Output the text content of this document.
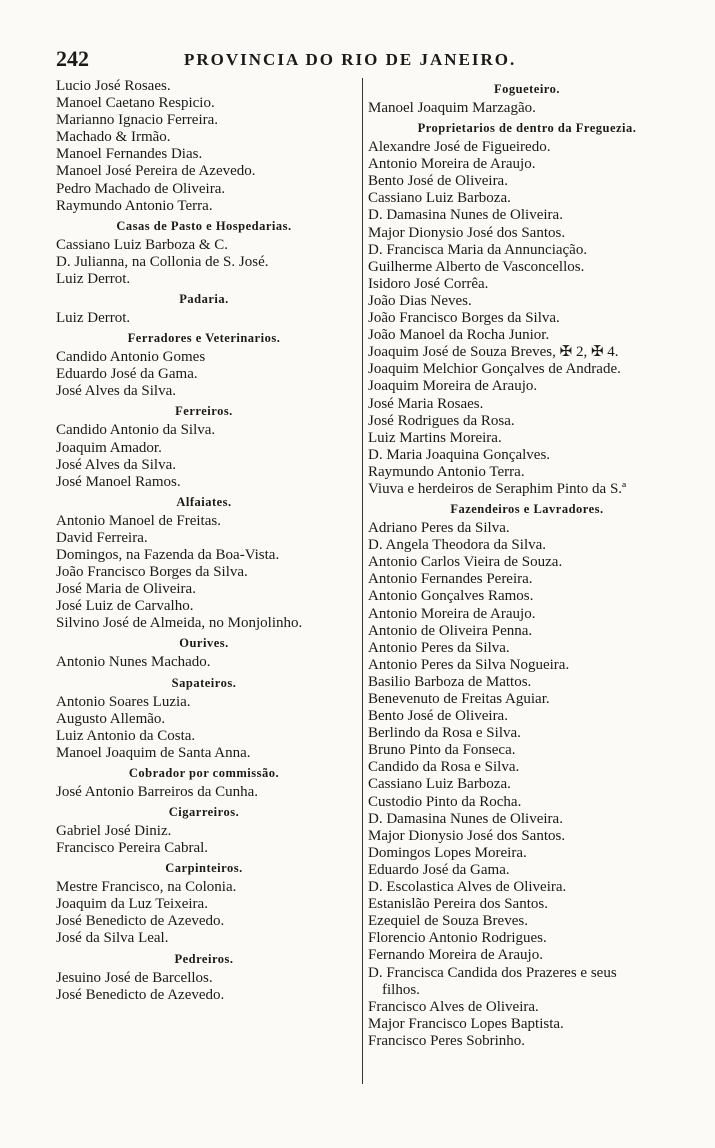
242	PROVINCIA DO RIO DE JANEIRO.
Lucio José Rosaes.
Manoel Caetano Respicio.
Marianno Ignacio Ferreira.
Machado & Irmão.
Manoel Fernandes Dias.
Manoel José Pereira de Azevedo.
Pedro Machado de Oliveira.
Raymundo Antonio Terra.
Casas de Pasto e Hospedarias.
Cassiano Luiz Barboza & C.
D. Julianna, na Collonia de S. José.
Luiz Derrot.
Padaria.
Luiz Derrot.
Ferradores e Veterinarios.
Candido Antonio Gomes
Eduardo José da Gama.
José Alves da Silva.
Ferreiros.
Candido Antonio da Silva.
Joaquim Amador.
José Alves da Silva.
José Manoel Ramos.
Alfaiates.
Antonio Manoel de Freitas.
David Ferreira.
Domingos, na Fazenda da Boa-Vista.
João Francisco Borges da Silva.
José Maria de Oliveira.
José Luiz de Carvalho.
Silvino José de Almeida, no Monjolinho.
Ourives.
Antonio Nunes Machado.
Sapateiros.
Antonio Soares Luzia.
Augusto Allemão.
Luiz Antonio da Costa.
Manoel Joaquim de Santa Anna.
Cobrador por commissão.
José Antonio Barreiros da Cunha.
Cigarreiros.
Gabriel José Diniz.
Francisco Pereira Cabral.
Carpinteiros.
Mestre Francisco, na Colonia.
Joaquim da Luz Teixeira.
José Benedicto de Azevedo.
José da Silva Leal.
Pedreiros.
Jesuino José de Barcellos.
José Benedicto de Azevedo.
Fogueteiro.
Manoel Joaquim Marzagão.
Proprietarios de dentro da Freguezia.
Alexandre José de Figueiredo.
Antonio Moreira de Araujo.
Bento José de Oliveira.
Cassiano Luiz Barboza.
D. Damasina Nunes de Oliveira.
Major Dionysio José dos Santos.
D. Francisca Maria da Annunciação.
Guilherme Alberto de Vasconcellos.
Isidoro José Corrêa.
João Dias Neves.
João Francisco Borges da Silva.
João Manoel da Rocha Junior.
Joaquim José de Souza Breves, ✠ 2, ✠ 4.
Joaquim Melchior Gonçalves de Andrade.
Joaquim Moreira de Araujo.
José Maria Rosaes.
José Rodrigues da Rosa.
Luiz Martins Moreira.
D. Maria Joaquina Gonçalves.
Raymundo Antonio Terra.
Viuva e herdeiros de Seraphim Pinto da S.ª
Fazendeiros e Lavradores.
Adriano Peres da Silva.
D. Angela Theodora da Silva.
Antonio Carlos Vieira de Souza.
Antonio Fernandes Pereira.
Antonio Gonçalves Ramos.
Antonio Moreira de Araujo.
Antonio de Oliveira Penna.
Antonio Peres da Silva.
Antonio Peres da Silva Nogueira.
Basilio Barboza de Mattos.
Benevenuto de Freitas Aguiar.
Bento José de Oliveira.
Berlindo da Rosa e Silva.
Bruno Pinto da Fonseca.
Candido da Rosa e Silva.
Cassiano Luiz Barboza.
Custodio Pinto da Rocha.
D. Damasina Nunes de Oliveira.
Major Dionysio José dos Santos.
Domingos Lopes Moreira.
Eduardo José da Gama.
D. Escolastica Alves de Oliveira.
Estanislão Pereira dos Santos.
Ezequiel de Souza Breves.
Florencio Antonio Rodrigues.
Fernando Moreira de Araujo.
D. Francisca Candida dos Prazeres e seus
filhos.
Francisco Alves de Oliveira.
Major Francisco Lopes Baptista.
Francisco Peres Sobrinho.
